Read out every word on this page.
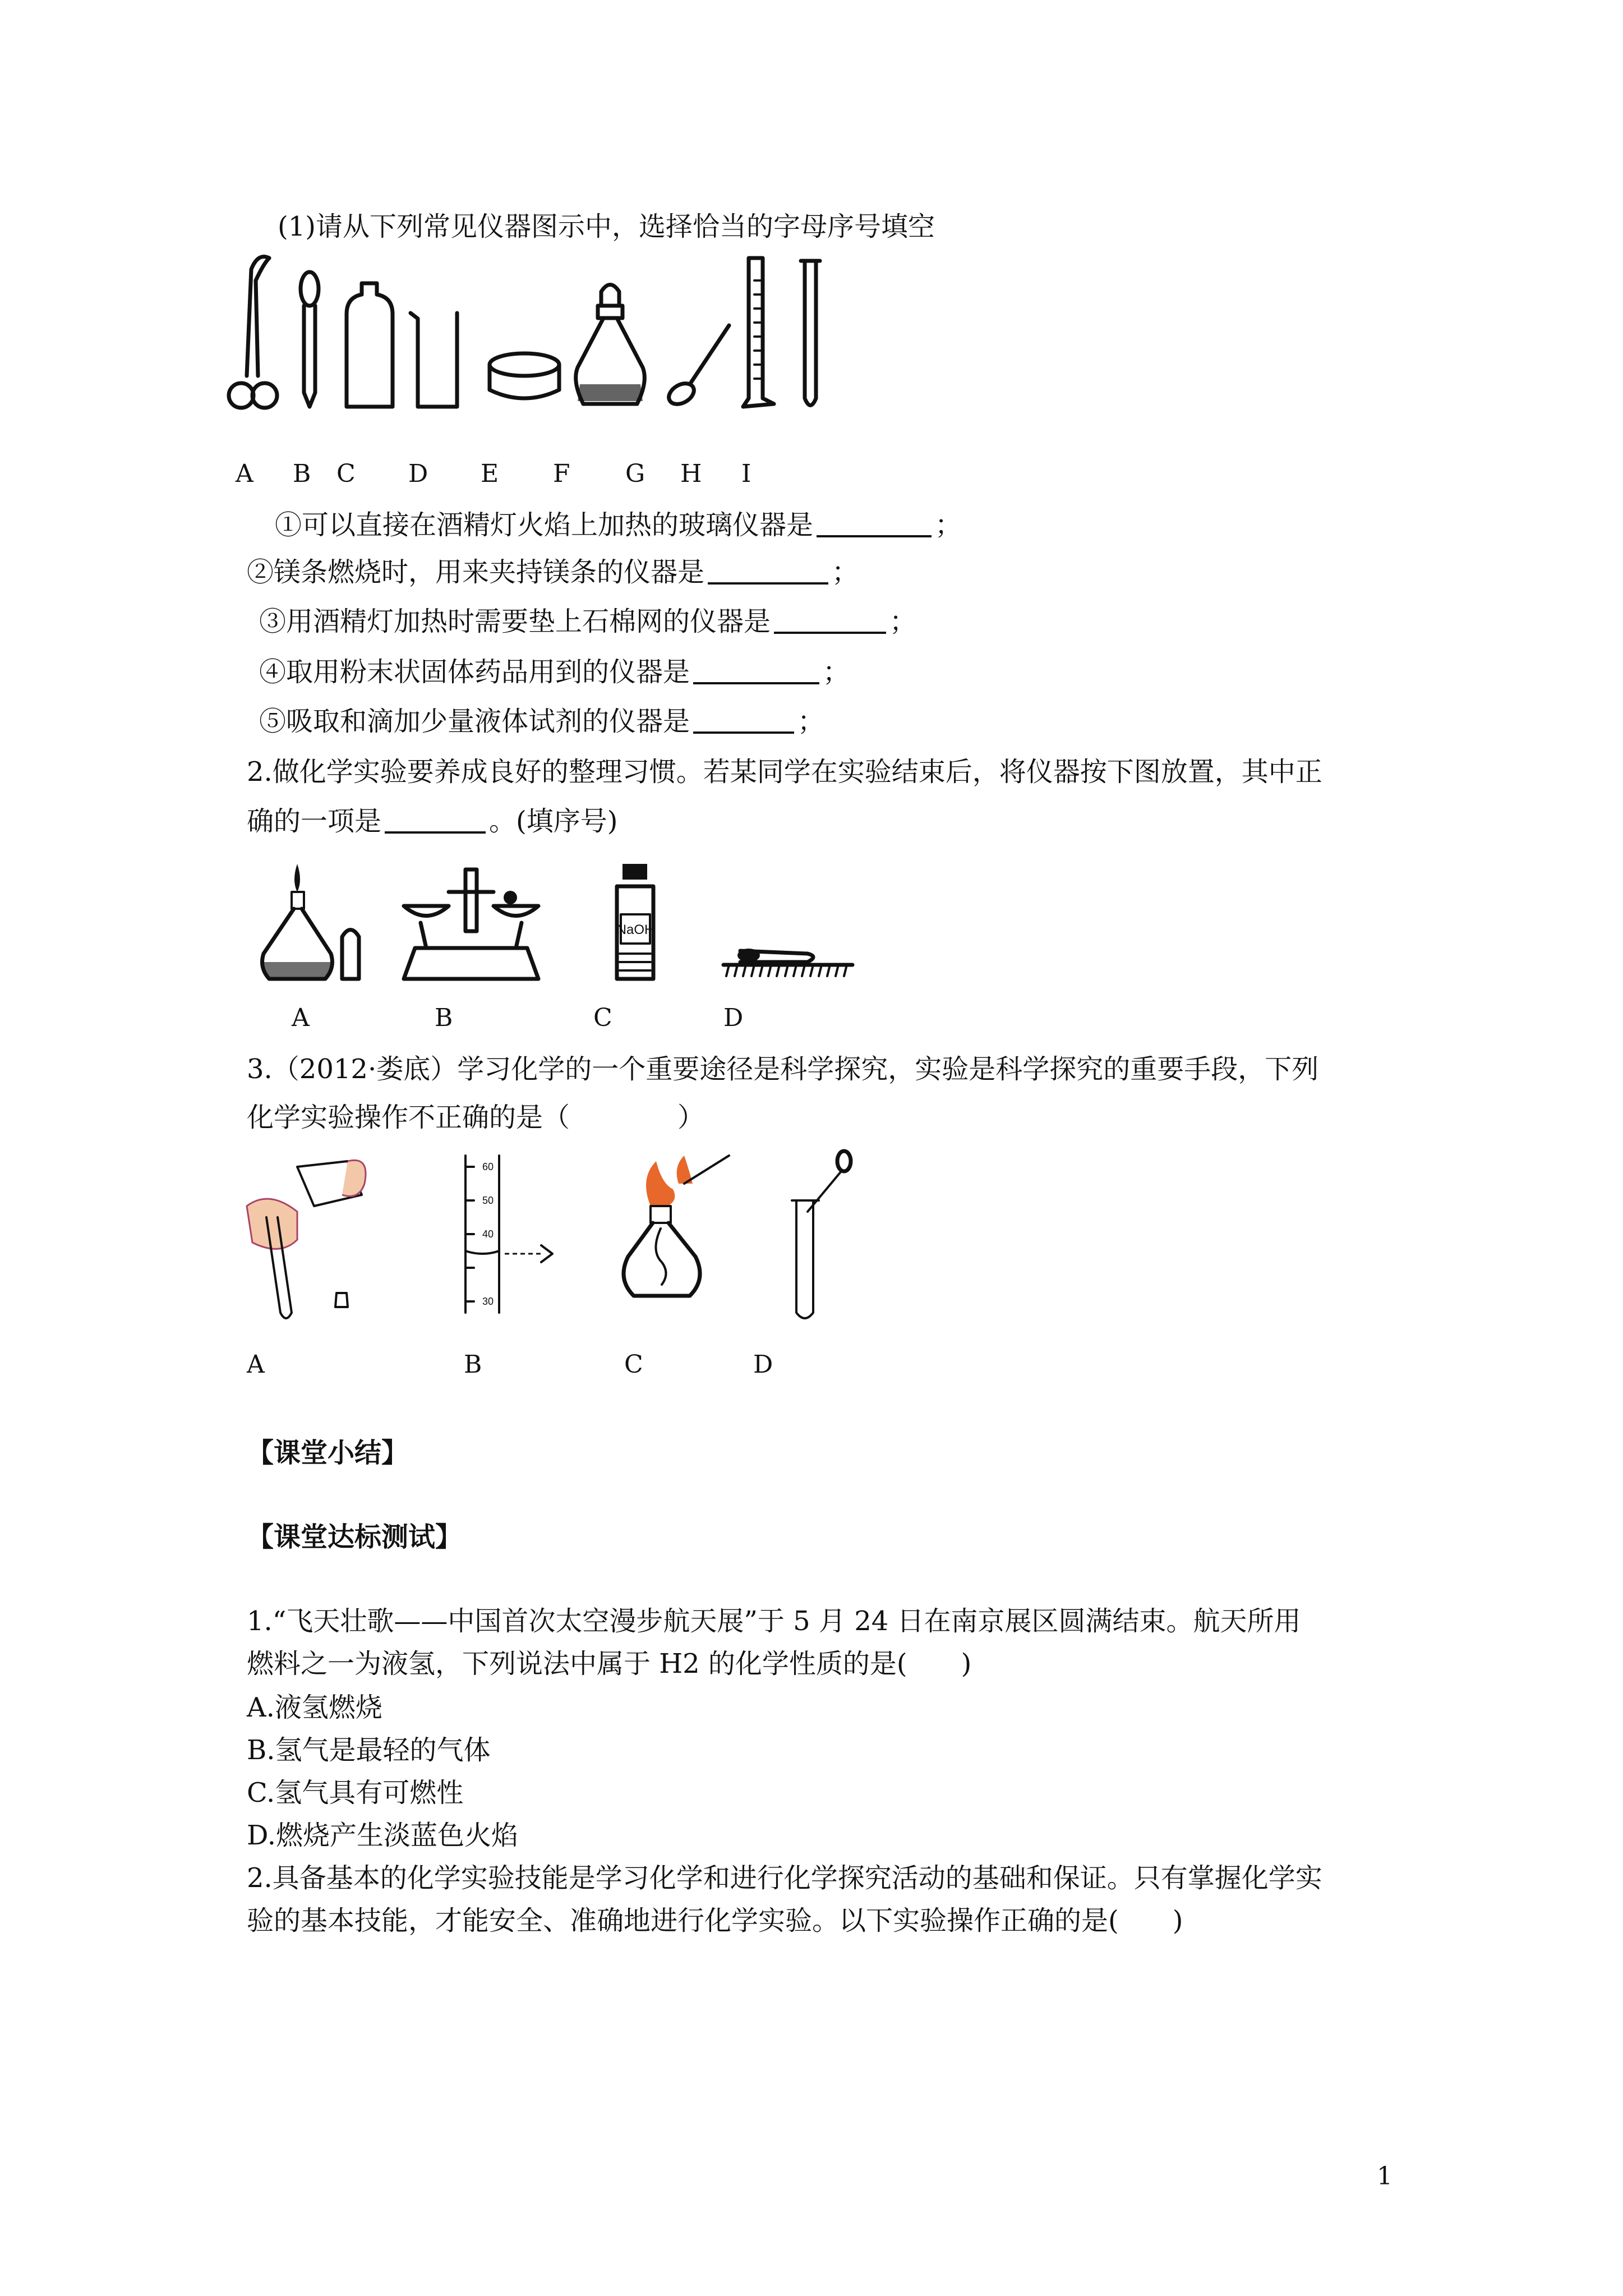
(1)请从下列常见仪器图示中，选择恰当的字母序号填空
A B C D E F G H I
①可以直接在酒精灯火焰上加热的玻璃仪器是	；
②镁条燃烧时，用来夹持镁条的仪器是	；
③用酒精灯加热时需要垫上石棉网的仪器是	；
④取用粉末状固体药品用到的仪器是	；
⑤吸取和滴加少量液体试剂的仪器是	；
2.做化学实验要养成良好的整理习惯。若某同学在实验结束后，将仪器按下图放置，其中正
确的一项是	。(填序号)
NaOH
A	B	C	D
3.（2012·娄底）学习化学的一个重要途径是科学探究，实验是科学探究的重要手段，下列
化学实验操作不正确的是（　　　　）
60
50
40
30
A	B	C	D
【课堂小结】
【课堂达标测试】
1.“飞天壮歌——中国首次太空漫步航天展”于 5 月 24 日在南京展区圆满结束。航天所用
燃料之一为液氢，下列说法中属于 H2 的化学性质的是(　　)
A.液氢燃烧
B.氢气是最轻的气体
C.氢气具有可燃性
D.燃烧产生淡蓝色火焰
2.具备基本的化学实验技能是学习化学和进行化学探究活动的基础和保证。只有掌握化学实
验的基本技能，才能安全、准确地进行化学实验。以下实验操作正确的是(　　)
1
